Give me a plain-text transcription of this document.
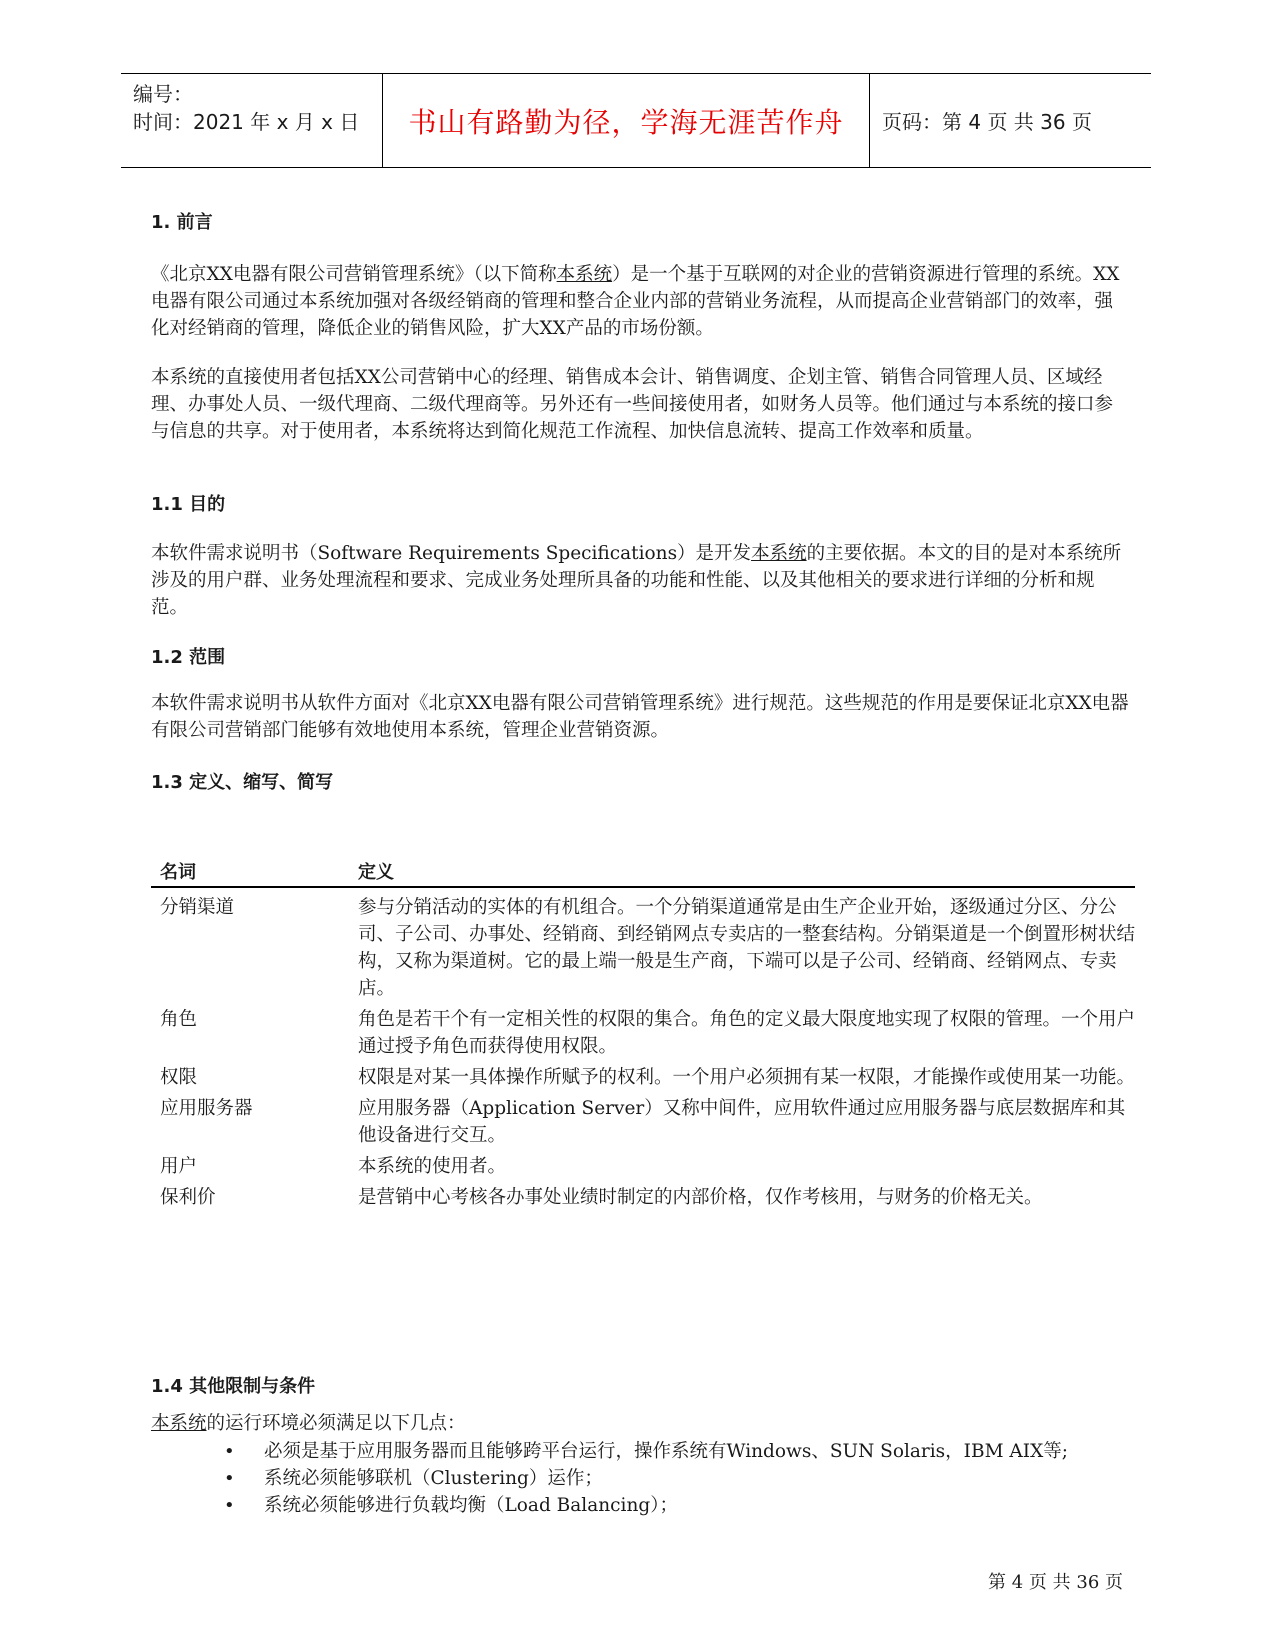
编号：
时间：2021 年 x 月 x 日	书山有路勤为径，学海无涯苦作舟 页码：第 4 页 共 36 页
1. 前言
《北京XX电器有限公司营销管理系统》（以下简称本系统）是一个基于互联网的对企业的营销资源进行管理的系统。XX电器有限公司通过本系统加强对各级经销商的管理和整合企业内部的营销业务流程，从而提高企业营销部门的效率，强化对经销商的管理，降低企业的销售风险，扩大XX产品的市场份额。
本系统的直接使用者包括XX公司营销中心的经理、销售成本会计、销售调度、企划主管、销售合同管理人员、区域经理、办事处人员、一级代理商、二级代理商等。另外还有一些间接使用者，如财务人员等。他们通过与本系统的接口参与信息的共享。对于使用者，本系统将达到简化规范工作流程、加快信息流转、提高工作效率和质量。
1.1 目的
本软件需求说明书（Software Requirements Specifications）是开发本系统的主要依据。本文的目的是对本系统所涉及的用户群、业务处理流程和要求、完成业务处理所具备的功能和性能、以及其他相关的要求进行详细的分析和规范。
1.2 范围
本软件需求说明书从软件方面对《北京XX电器有限公司营销管理系统》进行规范。这些规范的作用是要保证北京XX电器有限公司营销部门能够有效地使用本系统，管理企业营销资源。
1.3 定义、缩写、简写
名词	定义
分销渠道	参与分销活动的实体的有机组合。一个分销渠道通常是由生产企业开始，逐级通过分区、分公司、子公司、办事处、经销商、到经销网点专卖店的一整套结构。分销渠道是一个倒置形树状结构，又称为渠道树。它的最上端一般是生产商，下端可以是子公司、经销商、经销网点、专卖店。
角色	角色是若干个有一定相关性的权限的集合。角色的定义最大限度地实现了权限的管理。一个用户通过授予角色而获得使用权限。
权限	权限是对某一具体操作所赋予的权利。一个用户必须拥有某一权限，才能操作或使用某一功能。
应用服务器	应用服务器（Application Server）又称中间件，应用软件通过应用服务器与底层数据库和其他设备进行交互。
用户	本系统的使用者。
保利价	是营销中心考核各办事处业绩时制定的内部价格，仅作考核用，与财务的价格无关。
1.4 其他限制与条件
本系统的运行环境必须满足以下几点：
• 必须是基于应用服务器而且能够跨平台运行，操作系统有Windows、SUN Solaris，IBM AIX等;
• 系统必须能够联机（Clustering）运作；
• 系统必须能够进行负载均衡（Load Balancing）；
第 4 页 共 36 页
